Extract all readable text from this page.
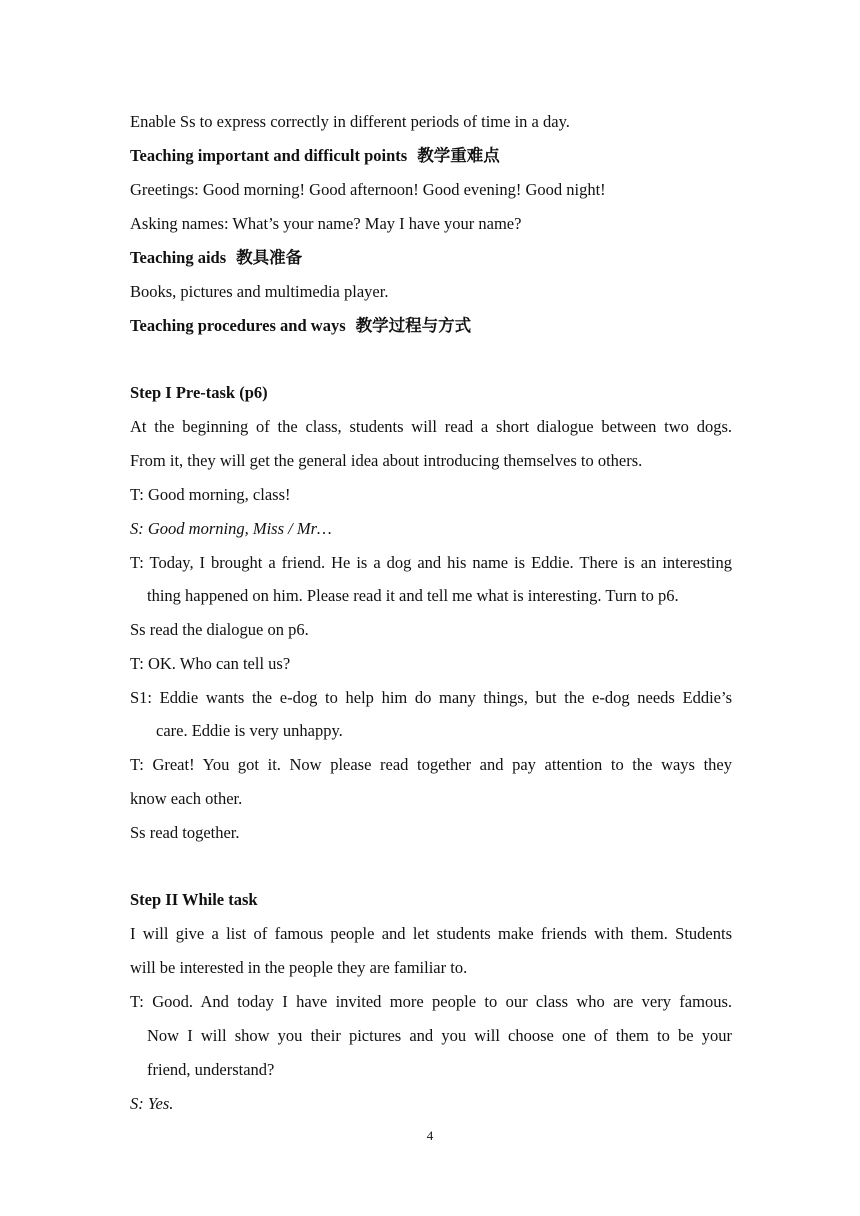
Enable Ss to express correctly in different periods of time in a day.
Teaching important and difficult points 教学重难点
Greetings: Good morning! Good afternoon! Good evening! Good night!
Asking names: What’s your name? May I have your name?
Teaching aids 教具准备
Books, pictures and multimedia player.
Teaching procedures and ways 教学过程与方式
Step I Pre-task (p6)
At the beginning of the class, students will read a short dialogue between two dogs.
From it, they will get the general idea about introducing themselves to others.
T: Good morning, class!
S: Good morning, Miss / Mr…
T: Today, I brought a friend. He is a dog and his name is Eddie. There is an interesting
thing happened on him. Please read it and tell me what is interesting. Turn to p6.
Ss read the dialogue on p6.
T: OK. Who can tell us?
S1: Eddie wants the e-dog to help him do many things, but the e-dog needs Eddie’s
care. Eddie is very unhappy.
T: Great! You got it. Now please read together and pay attention to the ways they
know each other.
Ss read together.
Step II While task
I will give a list of famous people and let students make friends with them. Students
will be interested in the people they are familiar to.
T: Good. And today I have invited more people to our class who are very famous.
Now I will show you their pictures and you will choose one of them to be your
friend, understand?
S: Yes.
4
